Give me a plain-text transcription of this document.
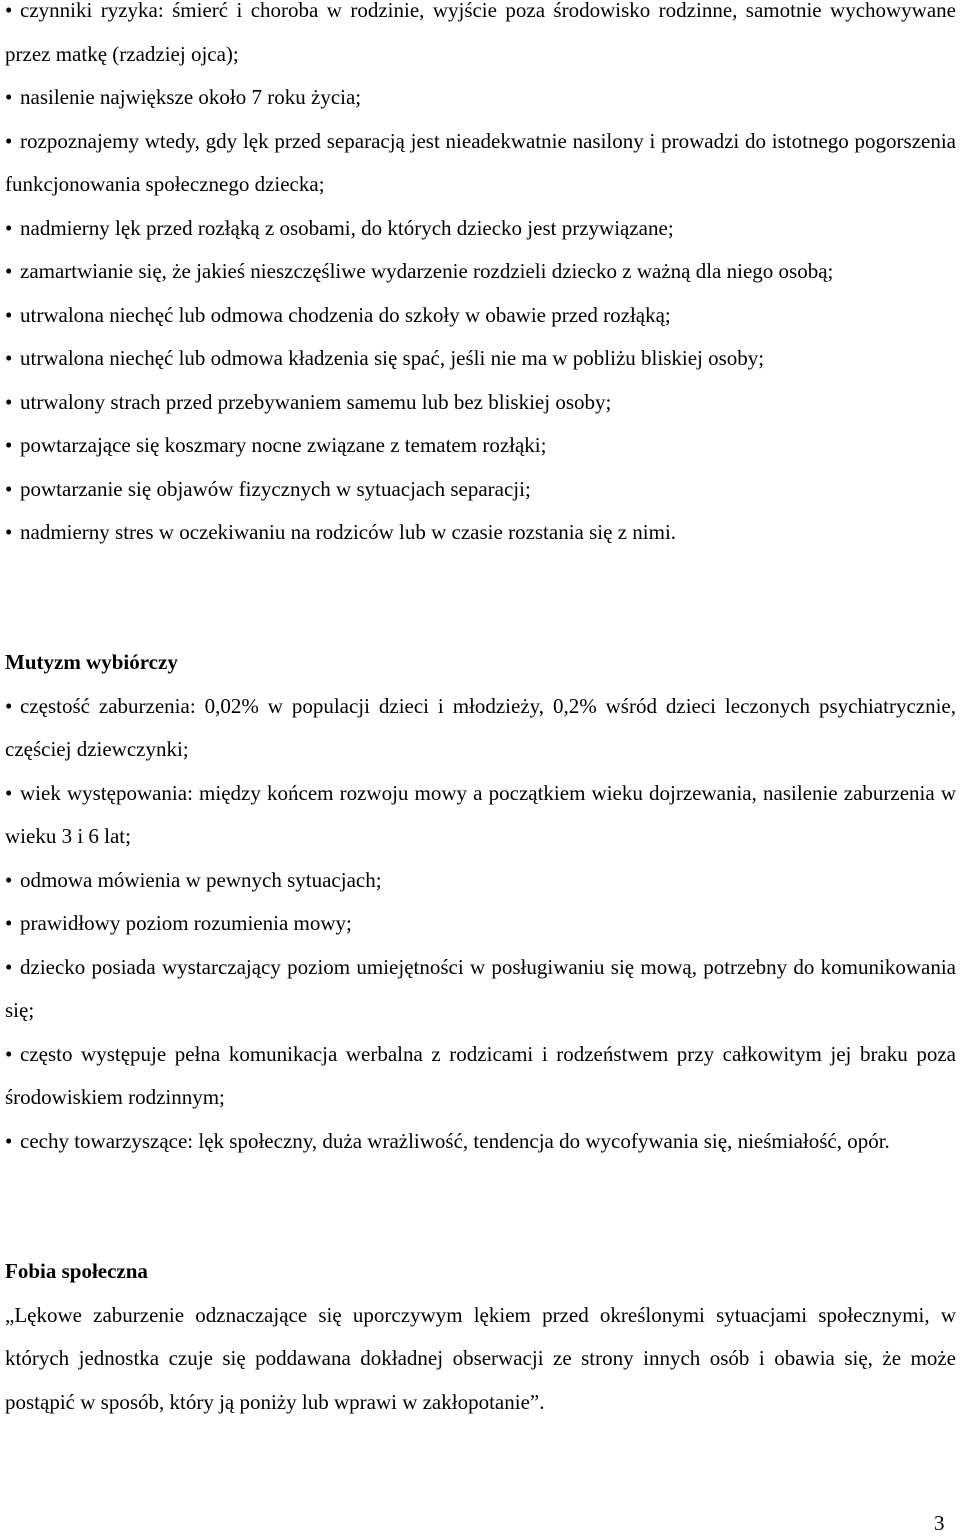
• czynniki ryzyka: śmierć i choroba w rodzinie, wyjście poza środowisko rodzinne, samotnie wychowywane przez matkę (rzadziej ojca);
• nasilenie największe około 7 roku życia;
• rozpoznajemy wtedy, gdy lęk przed separacją jest nieadekwatnie nasilony i prowadzi do istotnego pogorszenia funkcjonowania społecznego dziecka;
• nadmierny lęk przed rozłąką z osobami, do których dziecko jest przywiązane;
• zamartwianie się, że jakieś nieszczęśliwe wydarzenie rozdzieli dziecko z ważną dla niego osobą;
• utrwalona niechęć lub odmowa chodzenia do szkoły w obawie przed rozłąką;
• utrwalona niechęć lub odmowa kładzenia się spać, jeśli nie ma w pobliżu bliskiej osoby;
• utrwalony strach przed przebywaniem samemu lub bez bliskiej osoby;
• powtarzające się koszmary nocne związane z tematem rozłąki;
• powtarzanie się objawów fizycznych w sytuacjach separacji;
• nadmierny stres w oczekiwaniu na rodziców lub w czasie rozstania się z nimi.
Mutyzm wybiórczy
• częstość zaburzenia: 0,02% w populacji dzieci i młodzieży, 0,2% wśród dzieci leczonych psychiatrycznie, częściej dziewczynki;
• wiek występowania: między końcem rozwoju mowy a początkiem wieku dojrzewania, nasilenie zaburzenia w wieku 3 i 6 lat;
• odmowa mówienia w pewnych sytuacjach;
• prawidłowy poziom rozumienia mowy;
• dziecko posiada wystarczający poziom umiejętności w posługiwaniu się mową, potrzebny do komunikowania się;
• często występuje pełna komunikacja werbalna z rodzicami i rodzeństwem przy całkowitym jej braku poza środowiskiem rodzinnym;
• cechy towarzyszące: lęk społeczny, duża wrażliwość, tendencja do wycofywania się, nieśmiałość, opór.
Fobia społeczna

„Lękowe zaburzenie odznaczające się uporczywym lękiem przed określonymi sytuacjami społecznymi, w których jednostka czuje się poddawana dokładnej obserwacji ze strony innych osób i obawia się, że może postąpić w sposób, który ją poniży lub wprawi w zakłopotanie”.

3
